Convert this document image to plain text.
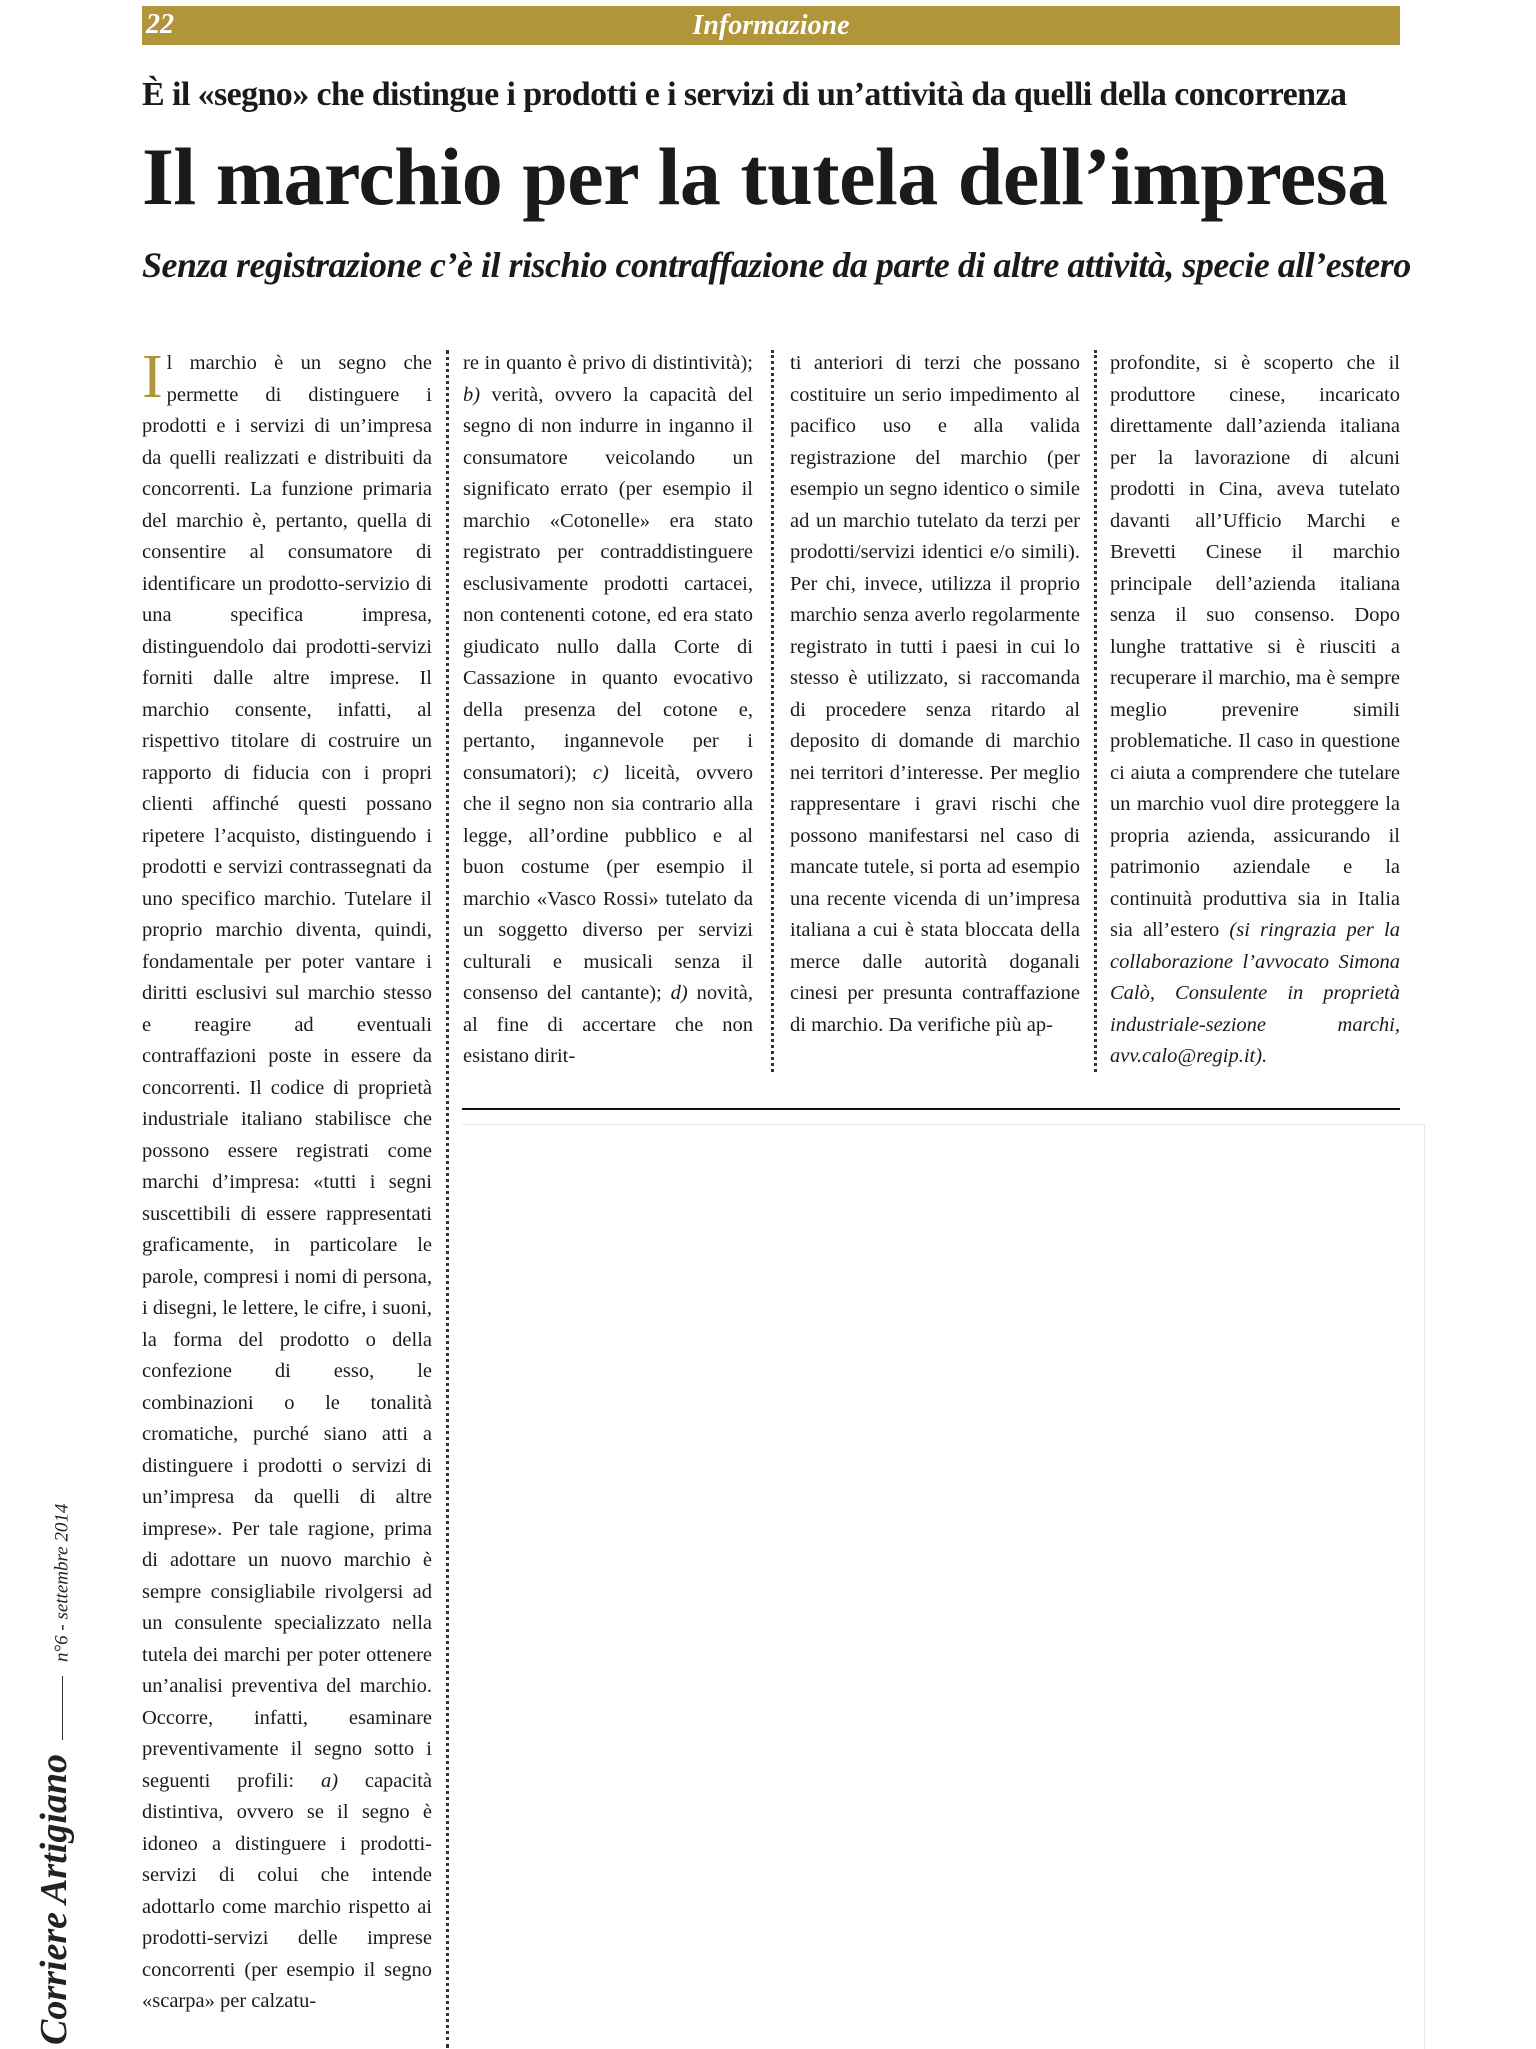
22	Informazione
È il «segno» che distingue i prodotti e i servizi di un’attività da quelli della concorrenza
Il marchio per la tutela dell’impresa
Senza registrazione c’è il rischio contraffazione da parte di altre attività, specie all’estero

Il marchio è un segno che permette di distinguere i prodotti e i servizi di un’impresa da quelli realizzati e distribuiti da concorrenti. La funzione primaria del marchio è, pertanto, quella di consentire al consumatore di identificare un prodotto-servizio di una specifica impresa, distinguendolo dai prodotti-servizi forniti dalle altre imprese. Il marchio consente, infatti, al rispettivo titolare di costruire un rapporto di fiducia con i propri clienti affinché questi possano ripetere l’acquisto, distinguendo i prodotti e servizi contrassegnati da uno specifico marchio. Tutelare il proprio marchio diventa, quindi, fondamentale per poter vantare i diritti esclusivi sul marchio stesso e reagire ad eventuali contraffazioni poste in essere da concorrenti. Il codice di proprietà industriale italiano stabilisce che possono essere registrati come marchi d’impresa: «tutti i segni suscettibili di essere rappresentati graficamente, in particolare le parole, compresi i nomi di persona, i disegni, le lettere, le cifre, i suoni, la forma del prodotto o della confezione di esso, le combinazioni o le tonalità cromatiche, purché siano atti a distinguere i prodotti o servizi di un’impresa da quelli di altre imprese». Per tale ragione, prima di adottare un nuovo marchio è sempre consigliabile rivolgersi ad un consulente specializzato nella tutela dei marchi per poter ottenere un’analisi preventiva del marchio. Occorre, infatti, esaminare preventivamente il segno sotto i seguenti profili: a) capacità distintiva, ovvero se il segno è idoneo a distinguere i prodotti-servizi di colui che intende adottarlo come marchio rispetto ai prodotti-servizi delle imprese concorrenti (per esempio il segno «scarpa» per calzatu-

re in quanto è privo di distintività); b) verità, ovvero la capacità del segno di non indurre in inganno il consumatore veicolando un significato errato (per esempio il marchio «Cotonelle» era stato registrato per contraddistinguere esclusivamente prodotti cartacei, non contenenti cotone, ed era stato giudicato nullo dalla Corte di Cassazione in quanto evocativo della presenza del cotone e, pertanto, ingannevole per i consumatori); c) liceità, ovvero che il segno non sia contrario alla legge, all’ordine pubblico e al buon costume (per esempio il marchio «Vasco Rossi» tutelato da un soggetto diverso per servizi culturali e musicali senza il consenso del cantante); d) novità, al fine di accertare che non esistano dirit-

ti anteriori di terzi che possano costituire un serio impedimento al pacifico uso e alla valida registrazione del marchio (per esempio un segno identico o simile ad un marchio tutelato da terzi per prodotti/servizi identici e/o simili). Per chi, invece, utilizza il proprio marchio senza averlo regolarmente registrato in tutti i paesi in cui lo stesso è utilizzato, si raccomanda di procedere senza ritardo al deposito di domande di marchio nei territori d’interesse. Per meglio rappresentare i gravi rischi che possono manifestarsi nel caso di mancate tutele, si porta ad esempio una recente vicenda di un’impresa italiana a cui è stata bloccata della merce dalle autorità doganali cinesi per presunta contraffazione di marchio. Da verifiche più ap-

profondite, si è scoperto che il produttore cinese, incaricato direttamente dall’azienda italiana per la lavorazione di alcuni prodotti in Cina, aveva tutelato davanti all’Ufficio Marchi e Brevetti Cinese il marchio principale dell’azienda italiana senza il suo consenso. Dopo lunghe trattative si è riusciti a recuperare il marchio, ma è sempre meglio prevenire simili problematiche. Il caso in questione ci aiuta a comprendere che tutelare un marchio vuol dire proteggere la propria azienda, assicurando il patrimonio aziendale e la continuità produttiva sia in Italia sia all’estero (si ringrazia per la collaborazione l’avvocato Simona Calò, Consulente in proprietà industriale-sezione marchi, avv.calo@regip.it).

Corriere Artigianon°6 - settembre 2014
